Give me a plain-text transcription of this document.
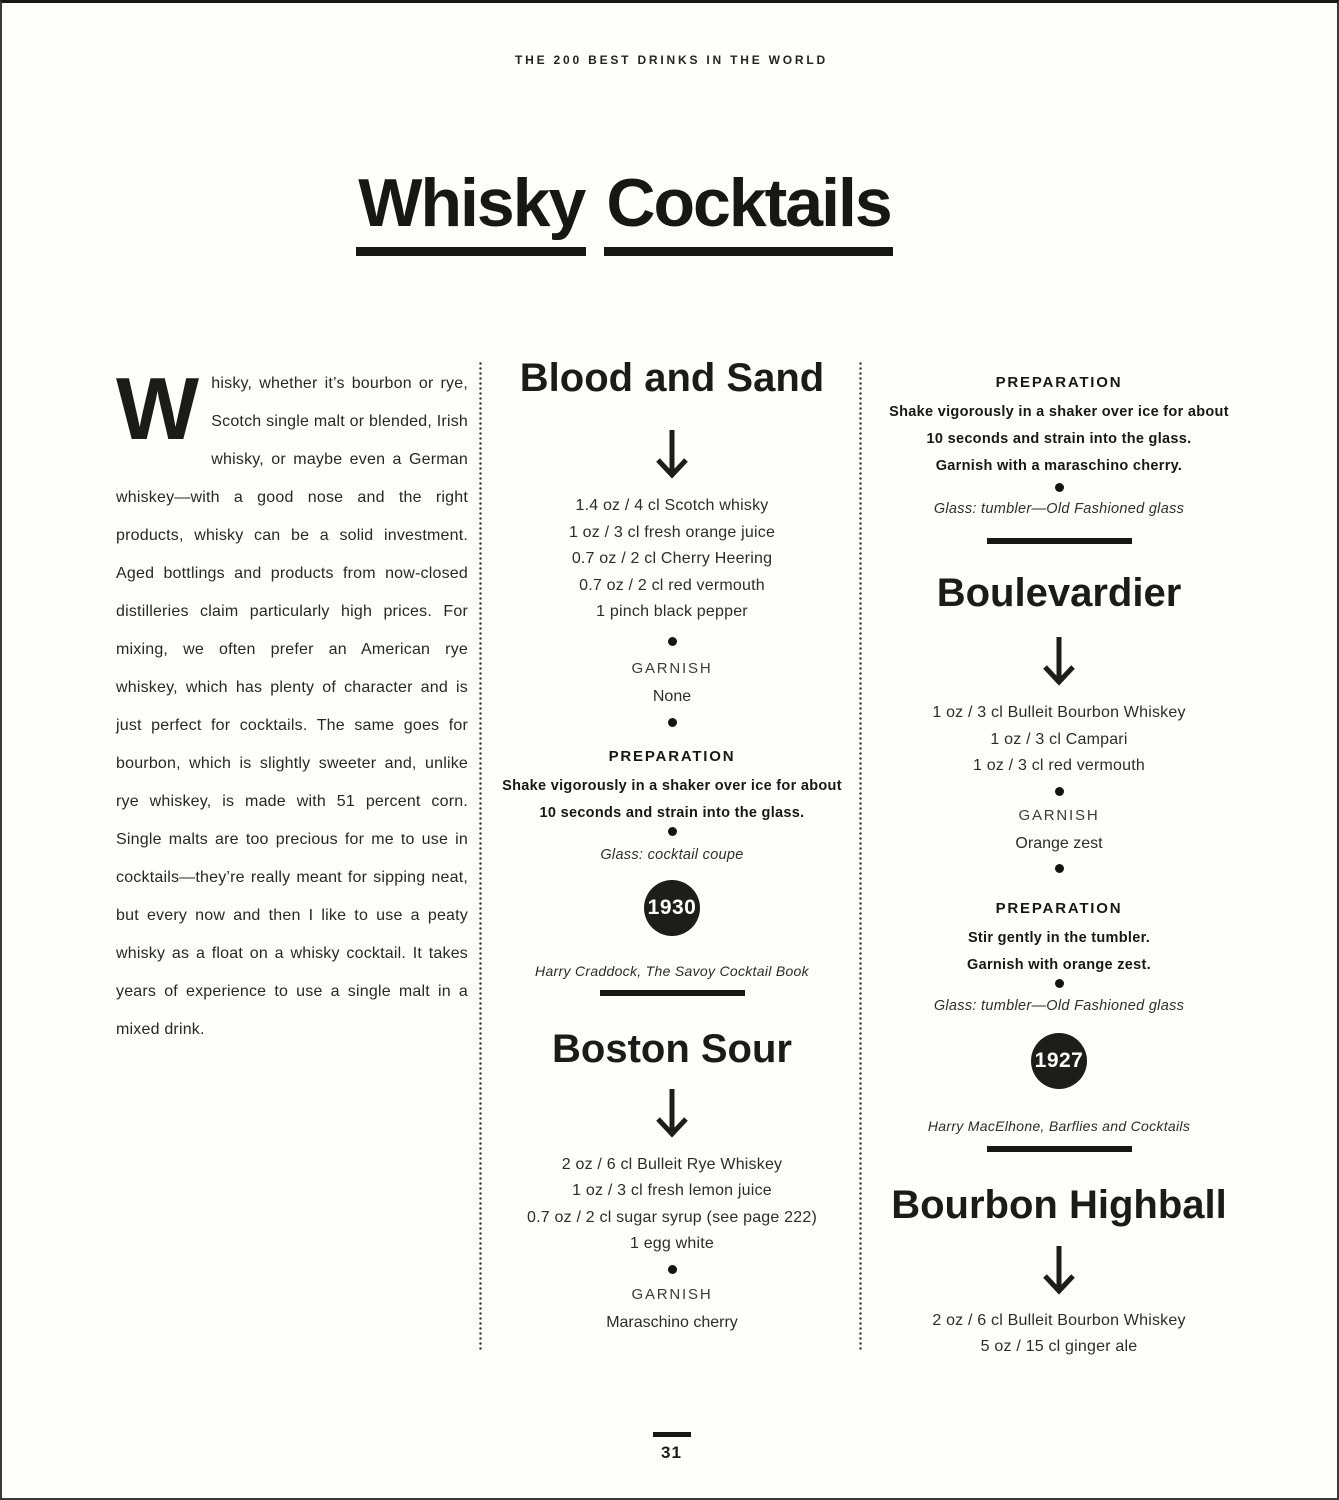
THE 200 BEST DRINKS IN THE WORLD
Whisky Cocktails

Whisky, whether it’s bourbon or rye, Scotch single malt or blended, Irish whisky, or maybe even a German whiskey—with a good nose and the right products, whisky can be a solid investment. Aged bottlings and products from now-closed distilleries claim particularly high prices. For mixing, we often prefer an American rye whiskey, which has plenty of character and is just perfect for cocktails. The same goes for bourbon, which is slightly sweeter and, unlike rye whiskey, is made with 51 percent corn. Single malts are too precious for me to use in cocktails—they’re really meant for sipping neat, but every now and then I like to use a peaty whisky as a float on a whisky cocktail. It takes years of experience to use a single malt in a mixed drink.

Blood and Sand
1.4 oz / 4 cl Scotch whisky
1 oz / 3 cl fresh orange juice
0.7 oz / 2 cl Cherry Heering
0.7 oz / 2 cl red vermouth
1 pinch black pepper
GARNISH
None
PREPARATION
Shake vigorously in a shaker over ice for about
10 seconds and strain into the glass.
Glass: cocktail coupe
1930
Harry Craddock, The Savoy Cocktail Book
Boston Sour
2 oz / 6 cl Bulleit Rye Whiskey
1 oz / 3 cl fresh lemon juice
0.7 oz / 2 cl sugar syrup (see page 222)
1 egg white
GARNISH
Maraschino cherry
PREPARATION
Shake vigorously in a shaker over ice for about
10 seconds and strain into the glass.
Garnish with a maraschino cherry.
Glass: tumbler—Old Fashioned glass
Boulevardier
1 oz / 3 cl Bulleit Bourbon Whiskey
1 oz / 3 cl Campari
1 oz / 3 cl red vermouth
GARNISH
Orange zest
PREPARATION
Stir gently in the tumbler.
Garnish with orange zest.
Glass: tumbler—Old Fashioned glass
1927
Harry MacElhone, Barflies and Cocktails
Bourbon Highball
2 oz / 6 cl Bulleit Bourbon Whiskey
5 oz / 15 cl ginger ale
31
